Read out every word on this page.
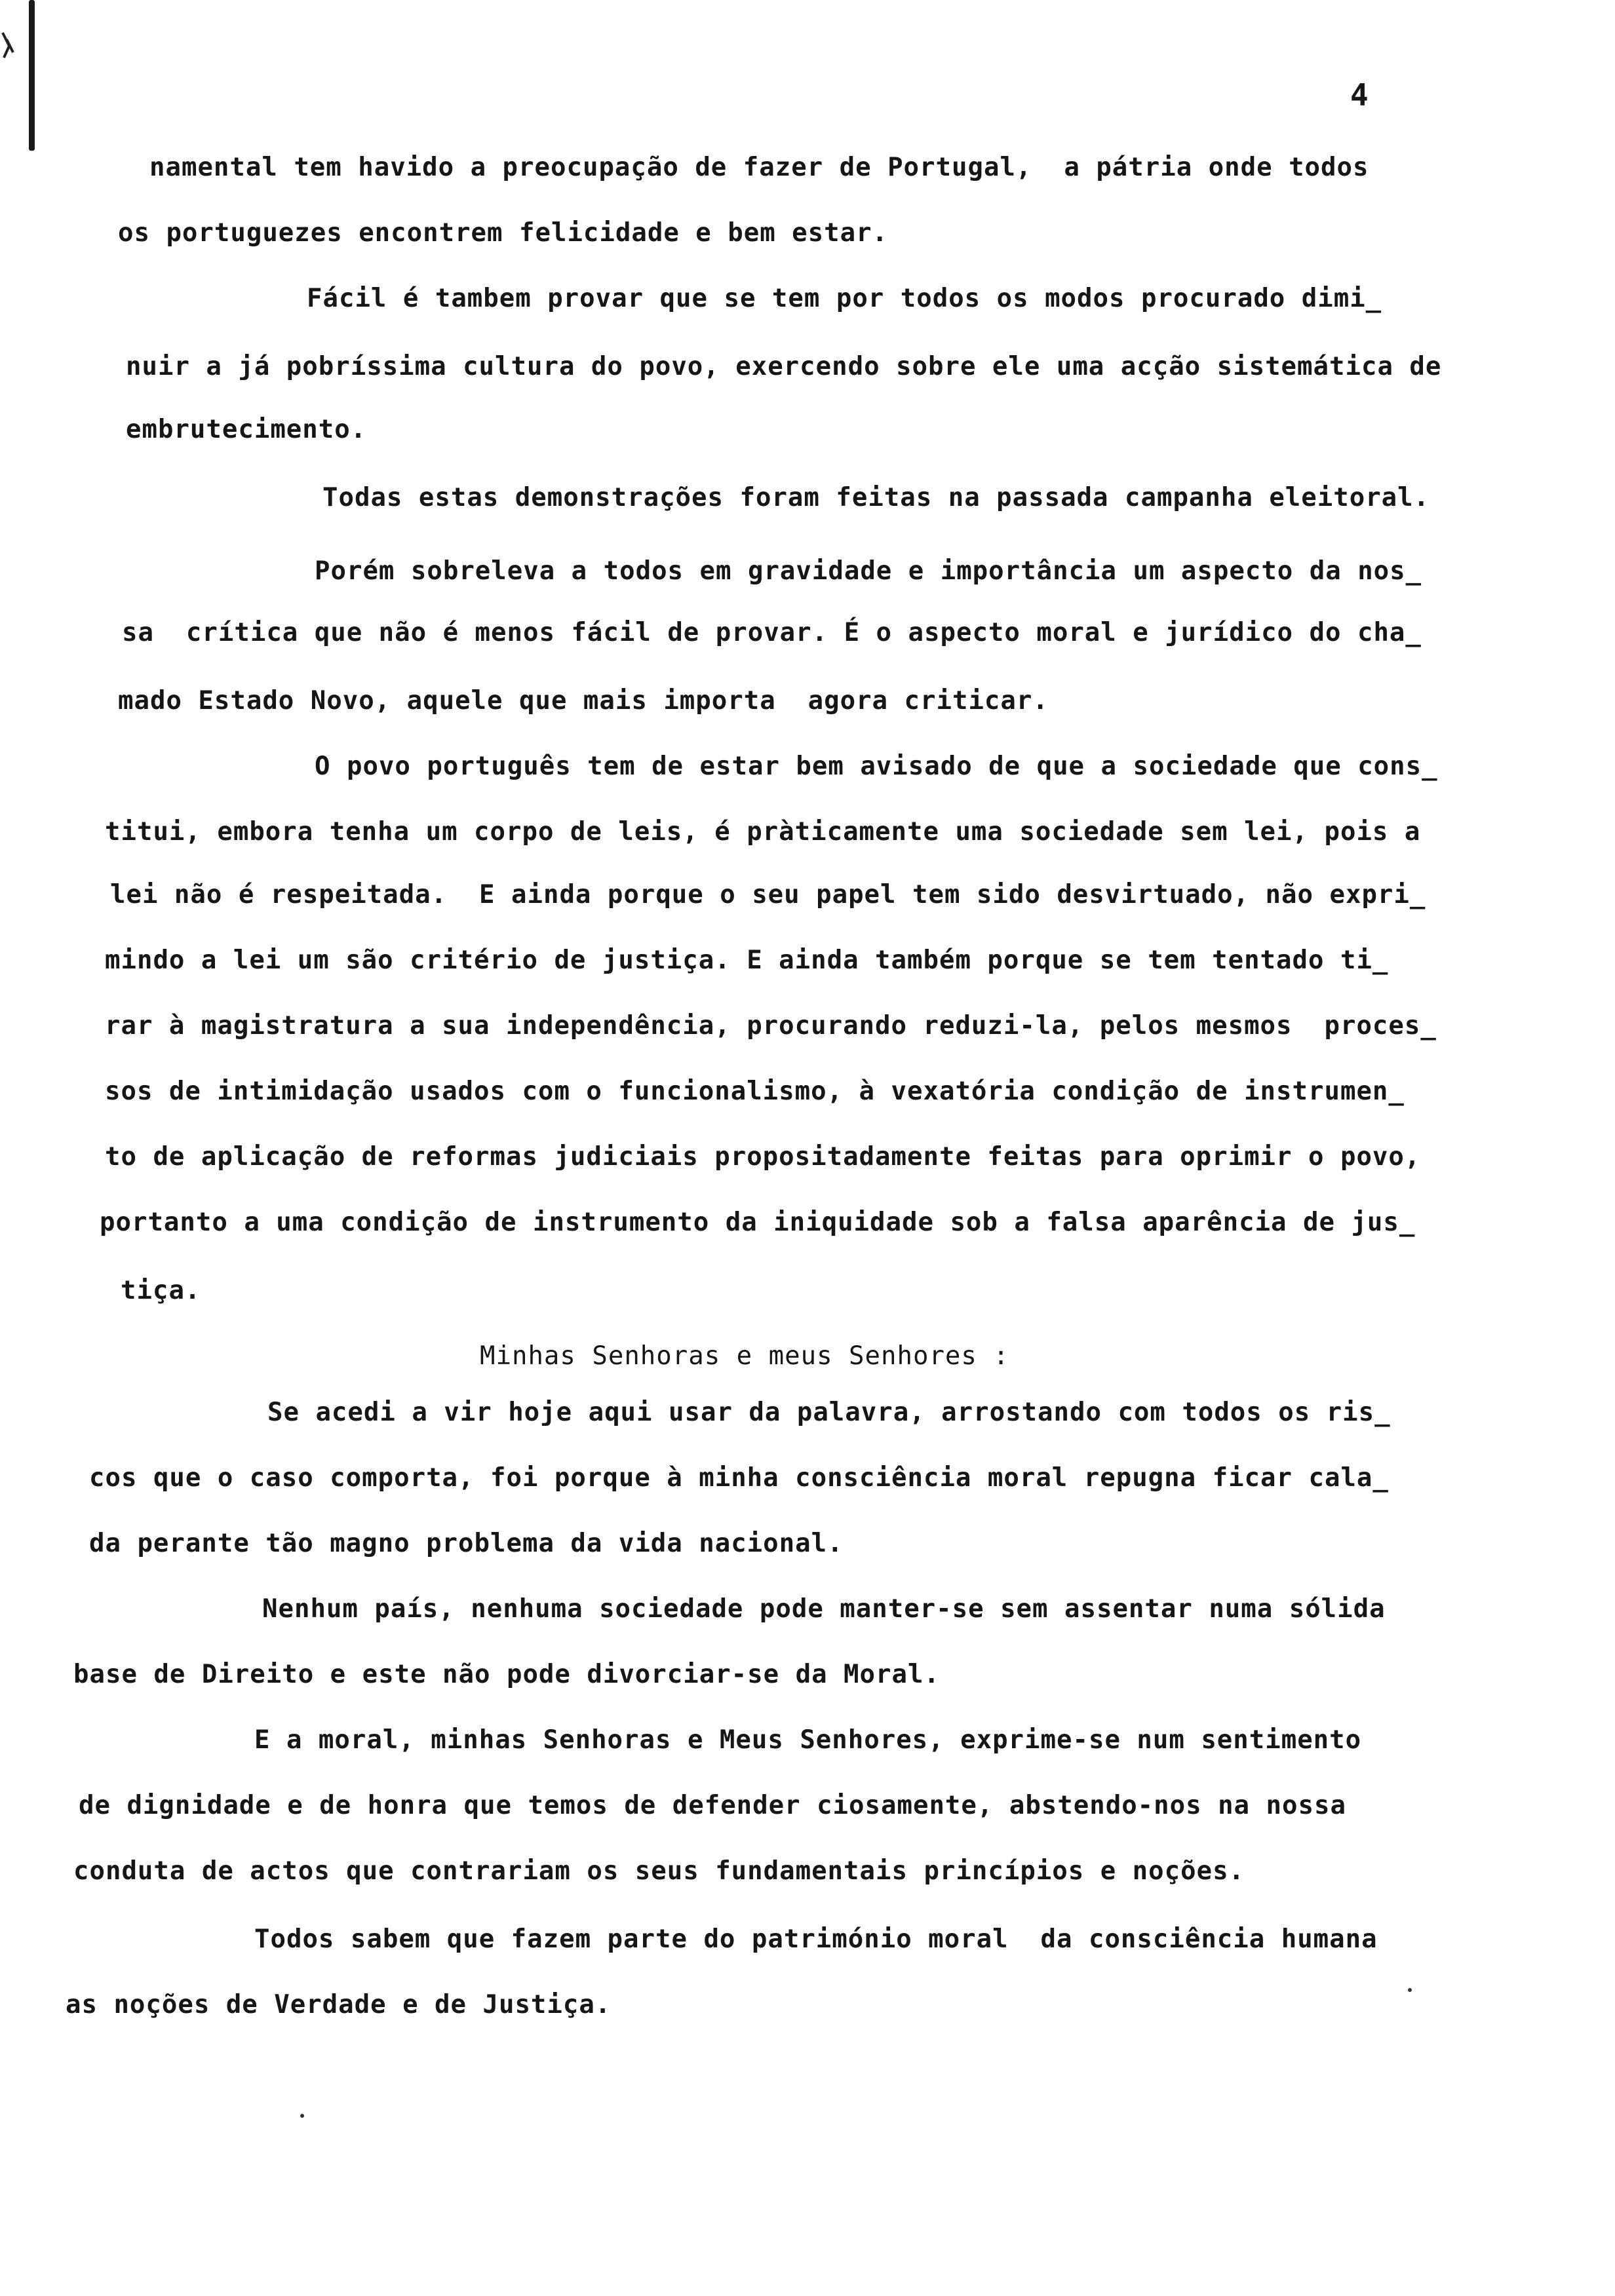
4
namental tem havido a preocupação de fazer de Portugal,  a pátria onde todos
os portuguezes encontrem felicidade e bem estar.
Fácil é tambem provar que se tem por todos os modos procurado dimi_
nuir a já pobríssima cultura do povo, exercendo sobre ele uma acção sistemática de
embrutecimento.
Todas estas demonstrações foram feitas na passada campanha eleitoral.
Porém sobreleva a todos em gravidade e importância um aspecto da nos_
sa  crítica que não é menos fácil de provar. É o aspecto moral e jurídico do cha_
mado Estado Novo, aquele que mais importa  agora criticar.
O povo português tem de estar bem avisado de que a sociedade que cons_
titui, embora tenha um corpo de leis, é pràticamente uma sociedade sem lei, pois a
lei não é respeitada.  E ainda porque o seu papel tem sido desvirtuado, não expri_
mindo a lei um são critério de justiça. E ainda também porque se tem tentado ti_
rar à magistratura a sua independência, procurando reduzi-la, pelos mesmos  proces_
sos de intimidação usados com o funcionalismo, à vexatória condição de instrumen_
to de aplicação de reformas judiciais propositadamente feitas para oprimir o povo,
portanto a uma condição de instrumento da iniquidade sob a falsa aparência de jus_
tiça.
Minhas Senhoras e meus Senhores :
Se acedi a vir hoje aqui usar da palavra, arrostando com todos os ris_
cos que o caso comporta, foi porque à minha consciência moral repugna ficar cala_
da perante tão magno problema da vida nacional.
Nenhum país, nenhuma sociedade pode manter-se sem assentar numa sólida
base de Direito e este não pode divorciar-se da Moral.
E a moral, minhas Senhoras e Meus Senhores, exprime-se num sentimento
de dignidade e de honra que temos de defender ciosamente, abstendo-nos na nossa
conduta de actos que contrariam os seus fundamentais princípios e noções.
Todos sabem que fazem parte do património moral  da consciência humana
as noções de Verdade e de Justiça.
